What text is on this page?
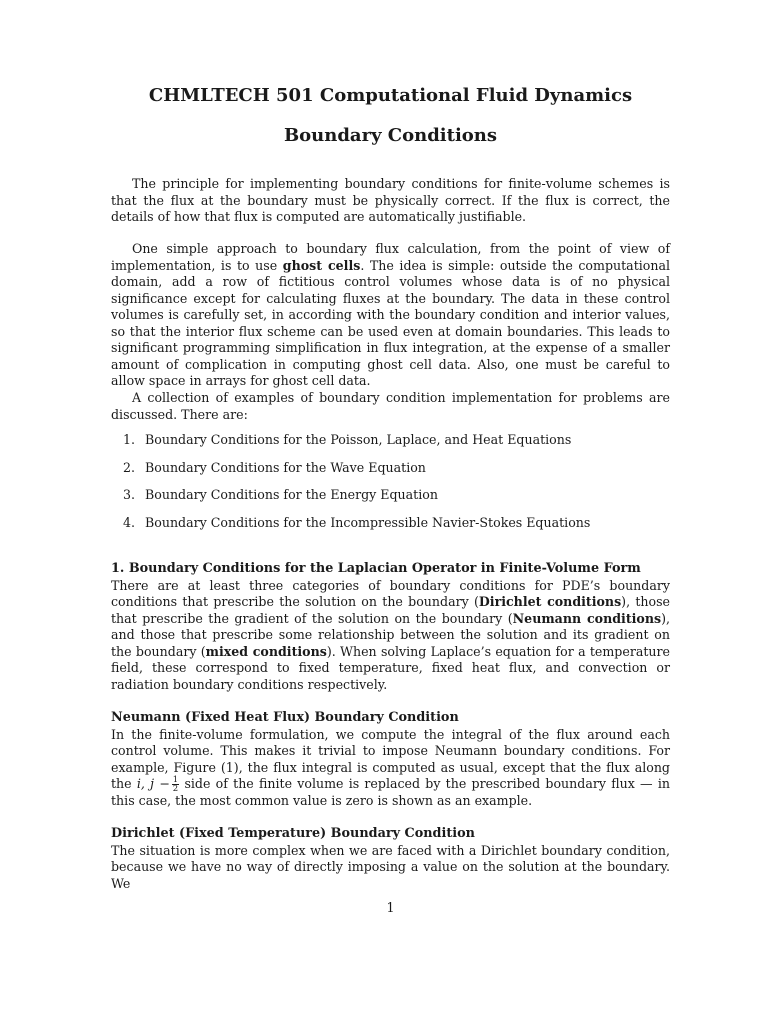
CHMLTECH 501 Computational Fluid Dynamics
Boundary Conditions

The principle for implementing boundary conditions for finite-volume schemes is that the flux at the boundary must be physically correct. If the flux is correct, the details of how that flux is computed are automatically justifiable.

One simple approach to boundary flux calculation, from the point of view of implementation, is to use ghost cells. The idea is simple: outside the computational domain, add a row of fictitious control volumes whose data is of no physical significance except for calculating fluxes at the boundary. The data in these control volumes is carefully set, in according with the boundary condition and interior values, so that the interior flux scheme can be used even at domain boundaries. This leads to significant programming simplification in flux integration, at the expense of a smaller amount of complication in computing ghost cell data. Also, one must be careful to allow space in arrays for ghost cell data.

A collection of examples of boundary condition implementation for problems are discussed. There are:

1. Boundary Conditions for the Poisson, Laplace, and Heat Equations
2. Boundary Conditions for the Wave Equation
3. Boundary Conditions for the Energy Equation
4. Boundary Conditions for the Incompressible Navier-Stokes Equations

1. Boundary Conditions for the Laplacian Operator in Finite-Volume Form

There are at least three categories of boundary conditions for PDE’s boundary conditions that prescribe the solution on the boundary (Dirichlet conditions), those that prescribe the gradient of the solution on the boundary (Neumann conditions), and those that prescribe some relationship between the solution and its gradient on the boundary (mixed conditions). When solving Laplace’s equation for a temperature field, these correspond to fixed temperature, fixed heat flux, and convection or radiation boundary conditions respectively.

Neumann (Fixed Heat Flux) Boundary Condition

In the finite-volume formulation, we compute the integral of the flux around each control volume. This makes it trivial to impose Neumann boundary conditions. For example, Figure (1), the flux integral is computed as usual, except that the flux along the i, $j - \frac{1}{2}$ side of the finite volume is replaced by the prescribed boundary flux — in this case, the most common value is zero is shown as an example.

Dirichlet (Fixed Temperature) Boundary Condition

The situation is more complex when we are faced with a Dirichlet boundary condition, because we have no way of directly imposing a value on the solution at the boundary. We

1
